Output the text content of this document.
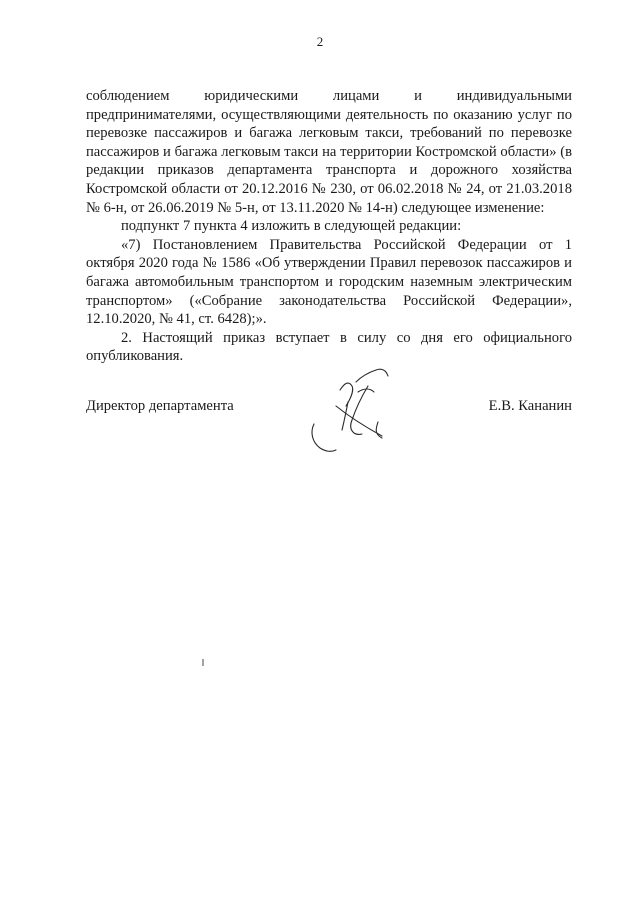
2

соблюдением юридическими лицами и индивидуальными предпринимателями, осуществляющими деятельность по оказанию услуг по перевозке пассажиров и багажа легковым такси, требований по перевозке пассажиров и багажа легковым такси на территории Костромской области» (в редакции приказов департамента транспорта и дорожного хозяйства Костромской области от 20.12.2016 № 230, от 06.02.2018 № 24, от 21.03.2018 № 6-н, от 26.06.2019 № 5-н, от 13.11.2020 № 14-н) следующее изменение:

подпункт 7 пункта 4 изложить в следующей редакции:

«7) Постановлением Правительства Российской Федерации от 1 октября 2020 года № 1586 «Об утверждении Правил перевозок пассажиров и багажа автомобильным транспортом и городским наземным электрическим транспортом» («Собрание законодательства Российской Федерации», 12.10.2020, № 41, ст. 6428);».

2. Настоящий приказ вступает в силу со дня его официального опубликования.

Директор департамента	Е.В. Кананин
